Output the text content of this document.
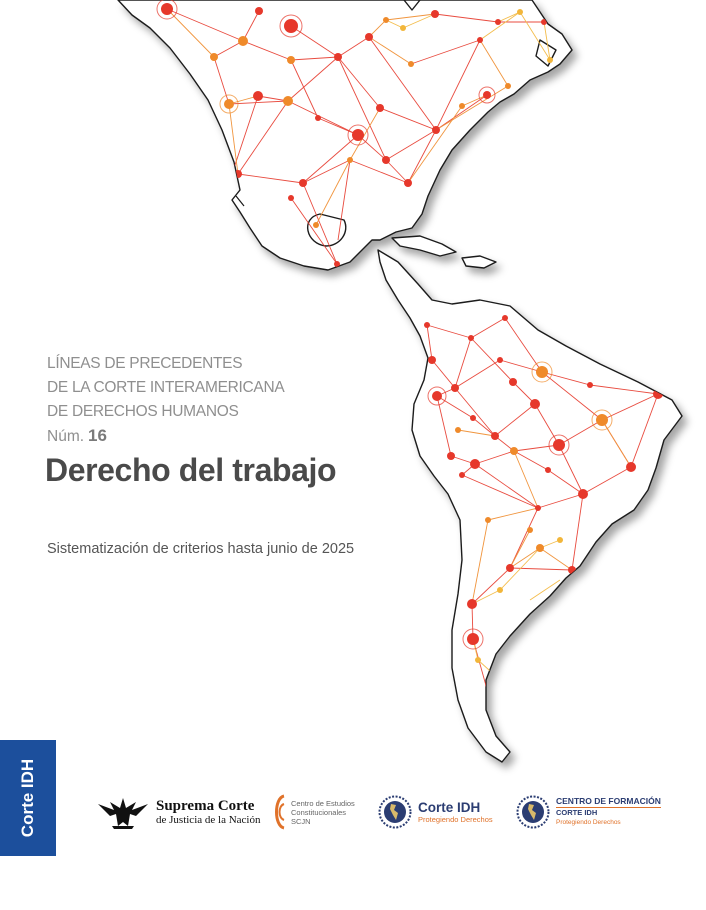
LÍNEAS DE PRECEDENTES
DE LA CORTE INTERAMERICANA
DE DERECHOS HUMANOS
Núm. 16
Derecho del trabajo
Sistematización de criterios hasta junio de 2025
Corte IDH	Suprema Corte
de Justicia de la Nación
Centro de Estudios
Constitucionales
SCJN
Corte IDH
Protegiendo Derechos
CENTRO DE FORMACIÓN
CORTE IDH
Protegiendo Derechos
